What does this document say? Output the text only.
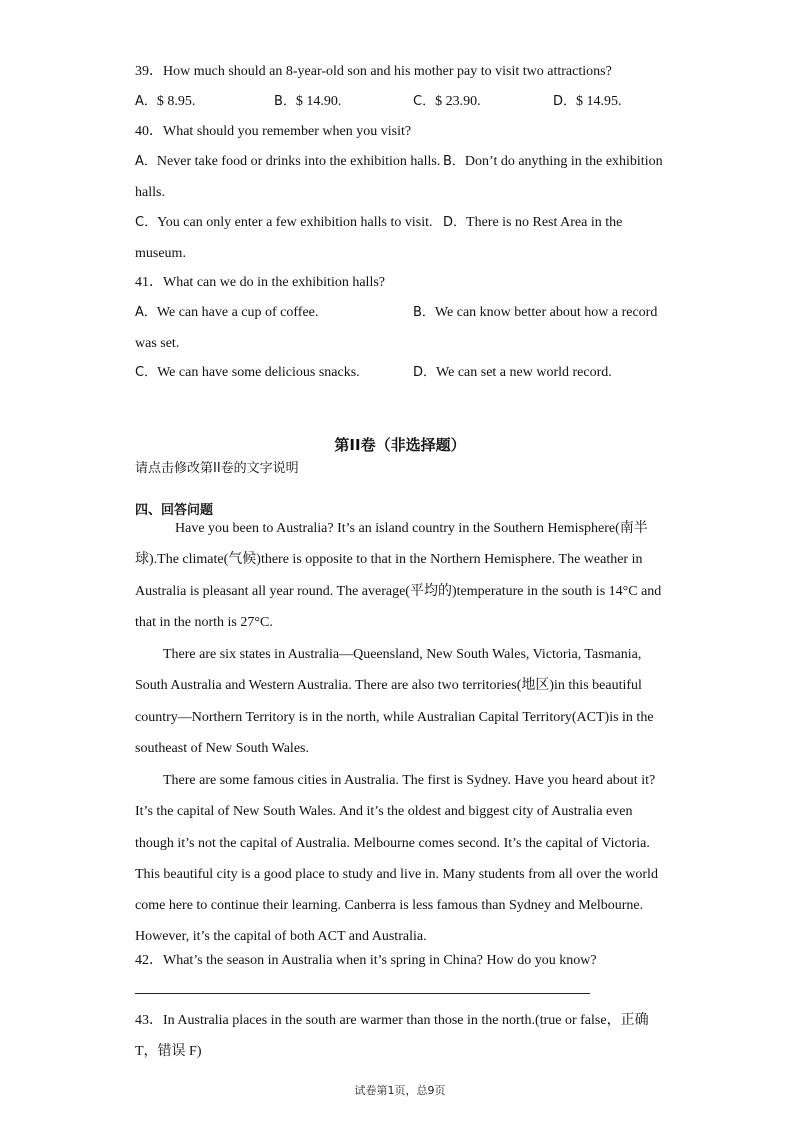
39．How much should an 8-year-old son and his mother pay to visit two attractions?
A．$ 8.95.	B．$ 14.90.	C．$ 23.90.	D．$ 14.95.
40．What should you remember when you visit?
A．Never take food or drinks into the exhibition halls. B．Don’t do anything in the exhibition
halls.
C．You can only enter a few exhibition halls to visit. D．There is no Rest Area in the
museum.
41．What can we do in the exhibition halls?
A．We can have a cup of coffee.	B．We can know better about how a record
was set.
C．We can have some delicious snacks.	D．We can set a new world record.
第II卷（非选择题）
请点击修改第II卷的文字说明
四、回答问题
Have you been to Australia? It’s an island country in the Southern Hemisphere(南半球).The climate(气候)there is opposite to that in the Northern Hemisphere. The weather in Australia is pleasant all year round. The average(平均的)temperature in the south is 14°C and that in the north is 27°C.
There are six states in Australia—Queensland, New South Wales, Victoria, Tasmania, South Australia and Western Australia. There are also two territories(地区)in this beautiful country—Northern Territory is in the north, while Australian Capital Territory(ACT)is in the southeast of New South Wales.
There are some famous cities in Australia. The first is Sydney. Have you heard about it? It’s the capital of New South Wales. And it’s the oldest and biggest city of Australia even though it’s not the capital of Australia. Melbourne comes second. It’s the capital of Victoria. This beautiful city is a good place to study and live in. Many students from all over the world come here to continue their learning. Canberra is less famous than Sydney and Melbourne. However, it’s the capital of both ACT and Australia.
42．What’s the season in Australia when it’s spring in China? How do you know?
43．In Australia places in the south are warmer than those in the north.(true or false，正确
T，错误 F)
试卷第1页，总9页
